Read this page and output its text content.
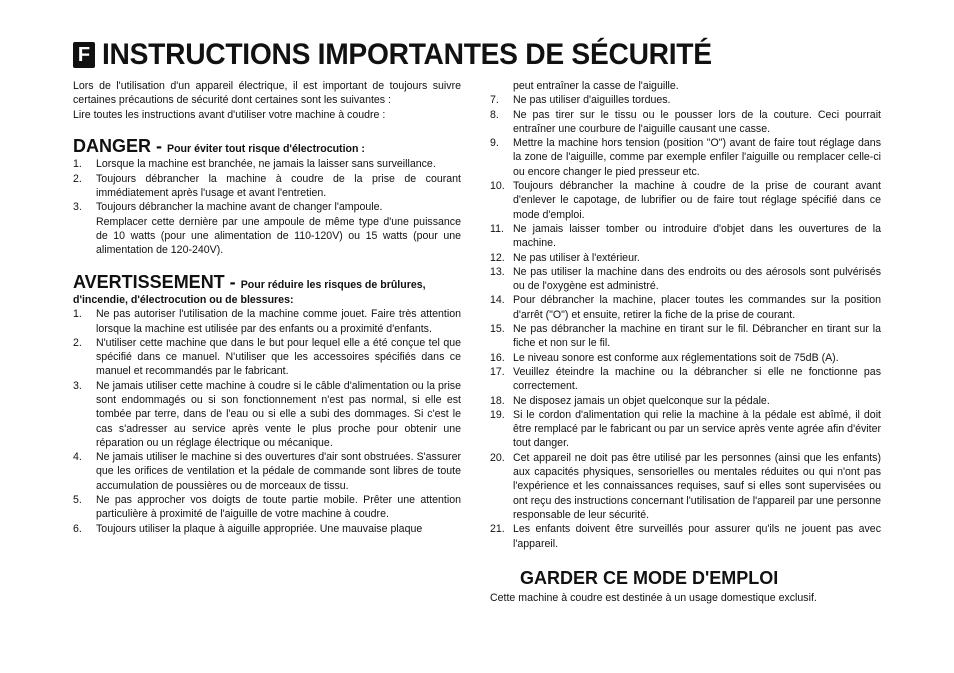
F INSTRUCTIONS IMPORTANTES DE SÉCURITÉ

Lors de l'utilisation d'un appareil électrique, il est important de toujours suivre certaines précautions de sécurité dont certaines sont les suivantes :

Lire toutes les instructions avant d'utiliser votre machine à coudre :

DANGER - Pour éviter tout risque d'électrocution :
1. Lorsque la machine est branchée, ne jamais la laisser sans surveillance.
2. Toujours débrancher la machine à coudre de la prise de courant immédiatement après l'usage et avant l'entretien.
3. Toujours débrancher la machine avant de changer l'ampoule.
Remplacer cette dernière par une ampoule de même type d'une puissance de 10 watts (pour une alimentation de 110-120V) ou 15 watts (pour une alimentation de 120-240V).
AVERTISSEMENT - Pour réduire les risques de brûlures, d'incendie, d'électrocution ou de blessures:
1. Ne pas autoriser l'utilisation de la machine comme jouet. Faire très attention lorsque la machine est utilisée par des enfants ou a proximité d'enfants.
2. N'utiliser cette machine que dans le but pour lequel elle a été conçue tel que spécifié dans ce manuel. N'utiliser que les accessoires spécifiés dans ce manuel et recommandés par le fabricant.
3. Ne jamais utiliser cette machine à coudre si le câble d'alimentation ou la prise sont endommagés ou si son fonctionnement n'est pas normal, si elle est tombée par terre, dans de l'eau ou si elle a subi des dommages. Si c'est le cas s'adresser au service après vente le plus proche pour obtenir une réparation ou un réglage électrique ou mécanique.
4. Ne jamais utiliser le machine si des ouvertures d'air sont obstruées. S'assurer que les orifices de ventilation et la pédale de commande sont libres de toute accumulation de poussières ou de morceaux de tissu.
5. Ne pas approcher vos doigts de toute partie mobile. Prêter une attention particulière à proximité de l'aiguille de votre machine à coudre.
6. Toujours utiliser la plaque à aiguille appropriée. Une mauvaise plaque

peut entraîner la casse de l'aiguille.

7. Ne pas utiliser d'aiguilles tordues.
8. Ne pas tirer sur le tissu ou le pousser lors de la couture. Ceci pourrait entraîner une courbure de l'aiguille causant une casse.
9. Mettre la machine hors tension (position "O") avant de faire tout réglage dans la zone de l'aiguille, comme par exemple enfiler l'aiguille ou remplacer celle-ci ou encore changer le pied presseur etc.
10. Toujours débrancher la machine à coudre de la prise de courant avant d'enlever le capotage, de lubrifier ou de faire tout réglage spécifié dans ce mode d'emploi.
11. Ne jamais laisser tomber ou introduire d'objet dans les ouvertures de la machine.
12. Ne pas utiliser à l'extérieur.
13. Ne pas utiliser la machine dans des endroits ou des aérosols sont pulvérisés ou de l'oxygène est administré.
14. Pour débrancher la machine, placer toutes les commandes sur la position d'arrêt ("O") et ensuite, retirer la fiche de la prise de courant.
15. Ne pas débrancher la machine en tirant sur le fil. Débrancher en tirant sur la fiche et non sur le fil.
16. Le niveau sonore est conforme aux réglementations soit de 75dB (A).
17. Veuillez éteindre la machine ou la débrancher si elle ne fonctionne pas correctement.
18. Ne disposez jamais un objet quelconque sur la pédale.
19. Si le cordon d'alimentation qui relie la machine à la pédale est abîmé, il doit être remplacé par le fabricant ou par un service après vente agrée afin d'éviter tout danger.
20. Cet appareil ne doit pas être utilisé par les personnes (ainsi que les enfants) aux capacités physiques, sensorielles ou mentales réduites ou qui n'ont pas l'expérience et les connaissances requises, sauf si elles sont supervisées ou ont reçu des instructions concernant l'utilisation de l'appareil par une personne responsable de leur sécurité.
21. Les enfants doivent être surveillés pour assurer qu'ils ne jouent pas avec l'appareil.
GARDER CE MODE D'EMPLOI

Cette machine à coudre est destinée à un usage domestique exclusif.
